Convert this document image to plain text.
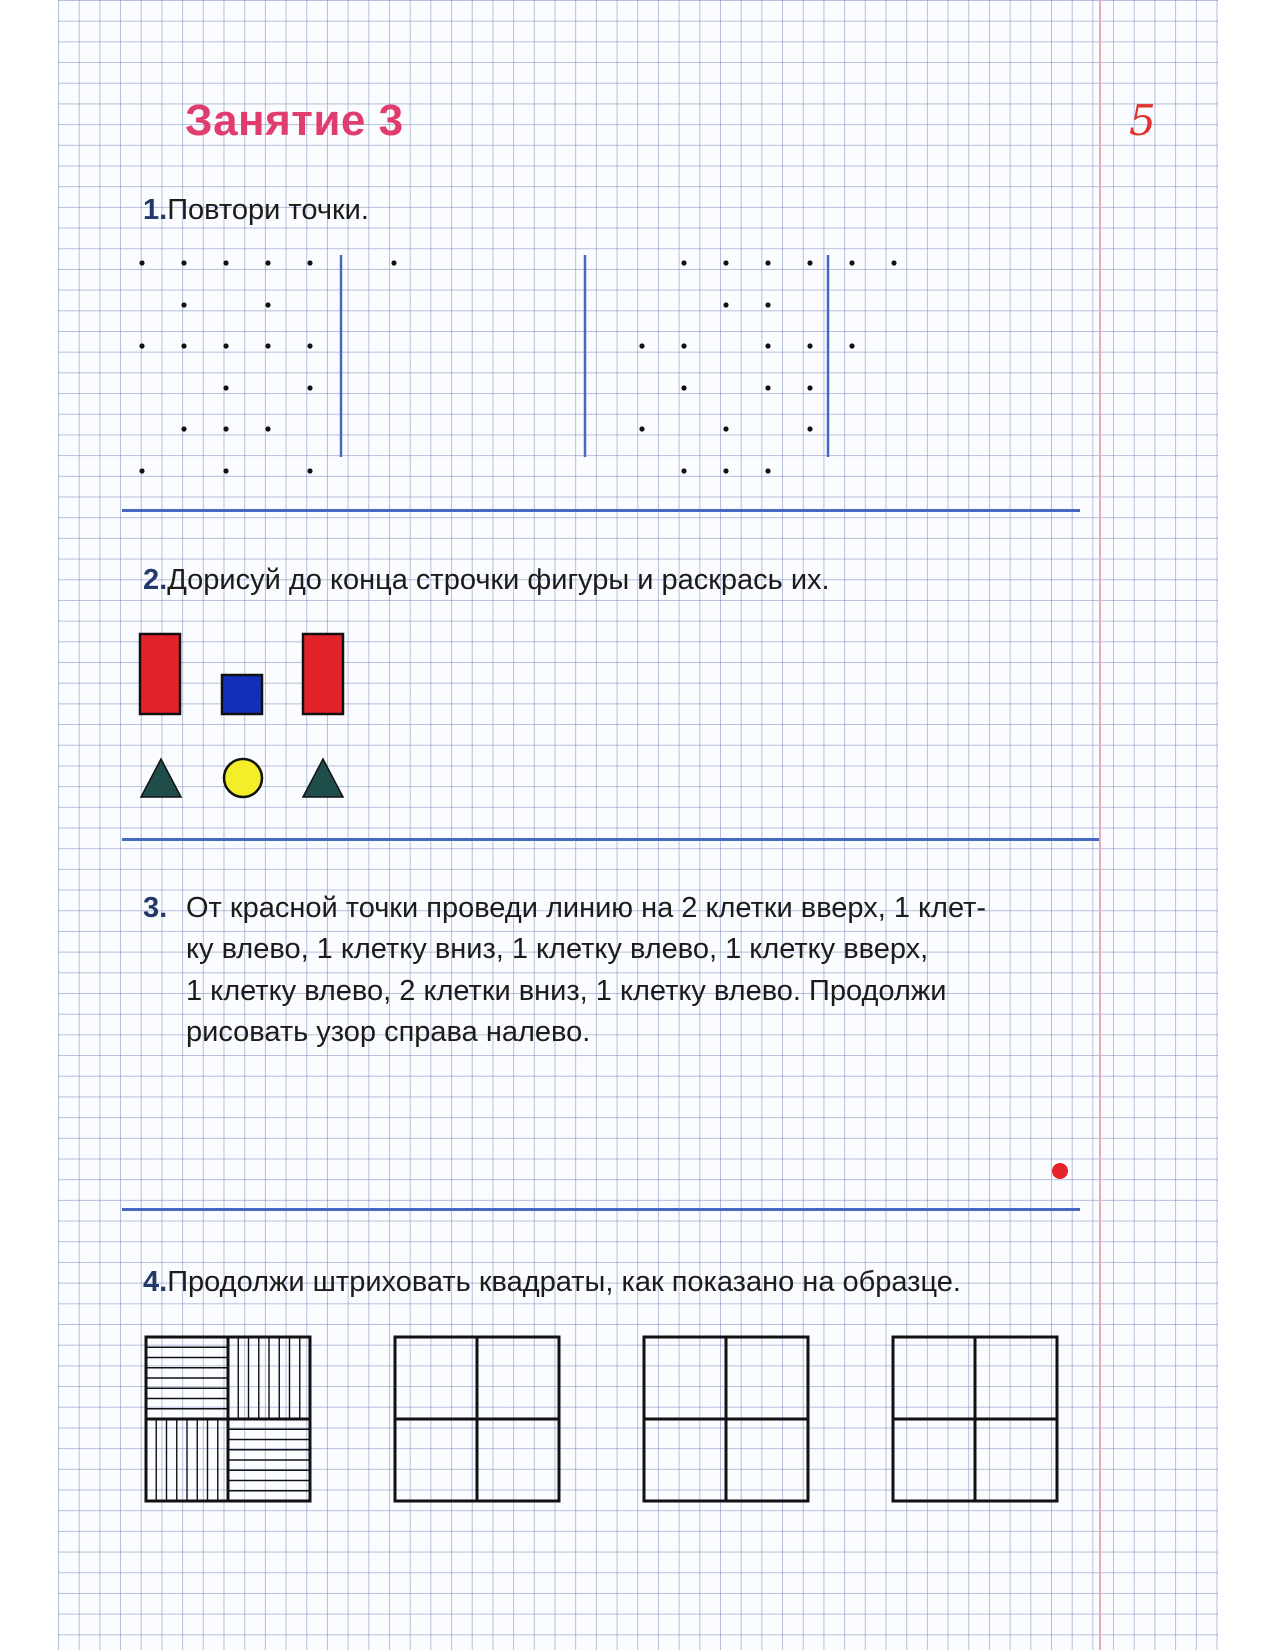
Занятие 3	5

1.Повтори точки.

2.Дорисуй до конца строчки фигуры и раскрась их.

3. От красной точки проведи линию на 2 клетки вверх, 1 клет-
ку влево, 1 клетку вниз, 1 клетку влево, 1 клетку вверх,
1 клетку влево, 2 клетки вниз, 1 клетку влево. Продолжи
рисовать узор справа налево.

4.Продолжи штриховать квадраты, как показано на образце.
